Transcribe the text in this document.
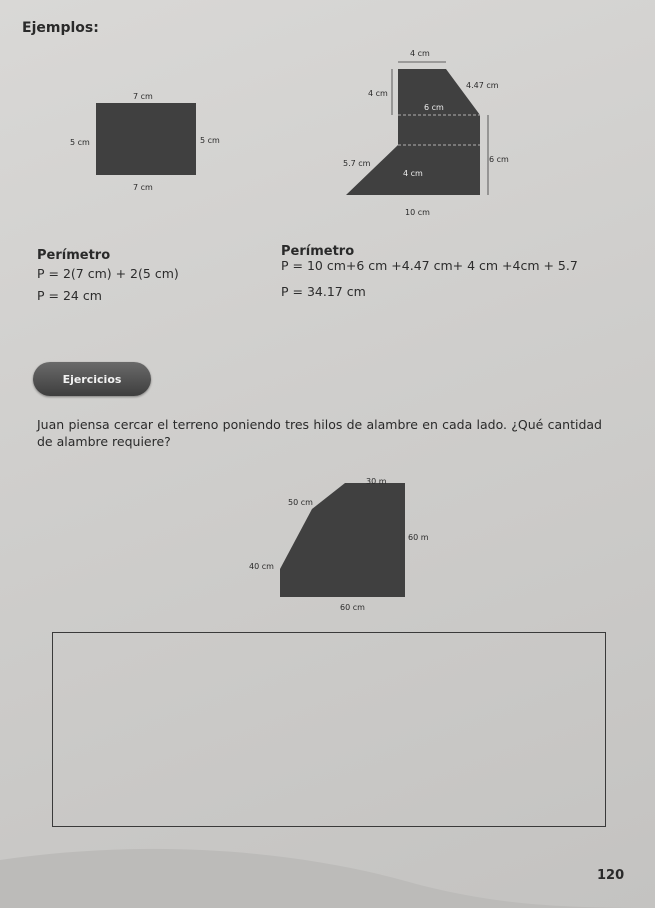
Ejemplos:
7 cm
5 cm	5 cm
7 cm
4 cm
4.47 cm
4 cm
6 cm
6 cm
5.7 cm
4 cm
10 cm
Perímetro
P = 2(7 cm) + 2(5 cm)
P = 24 cm
Perímetro
P = 10 cm+6 cm +4.47 cm+ 4 cm +4cm + 5.7
P = 34.17 cm
Ejercicios
Juan piensa cercar el terreno poniendo tres hilos de alambre en cada lado. ¿Qué cantidad de alambre requiere?
30 m
50 cm
60 m
40 cm
60 cm
120
